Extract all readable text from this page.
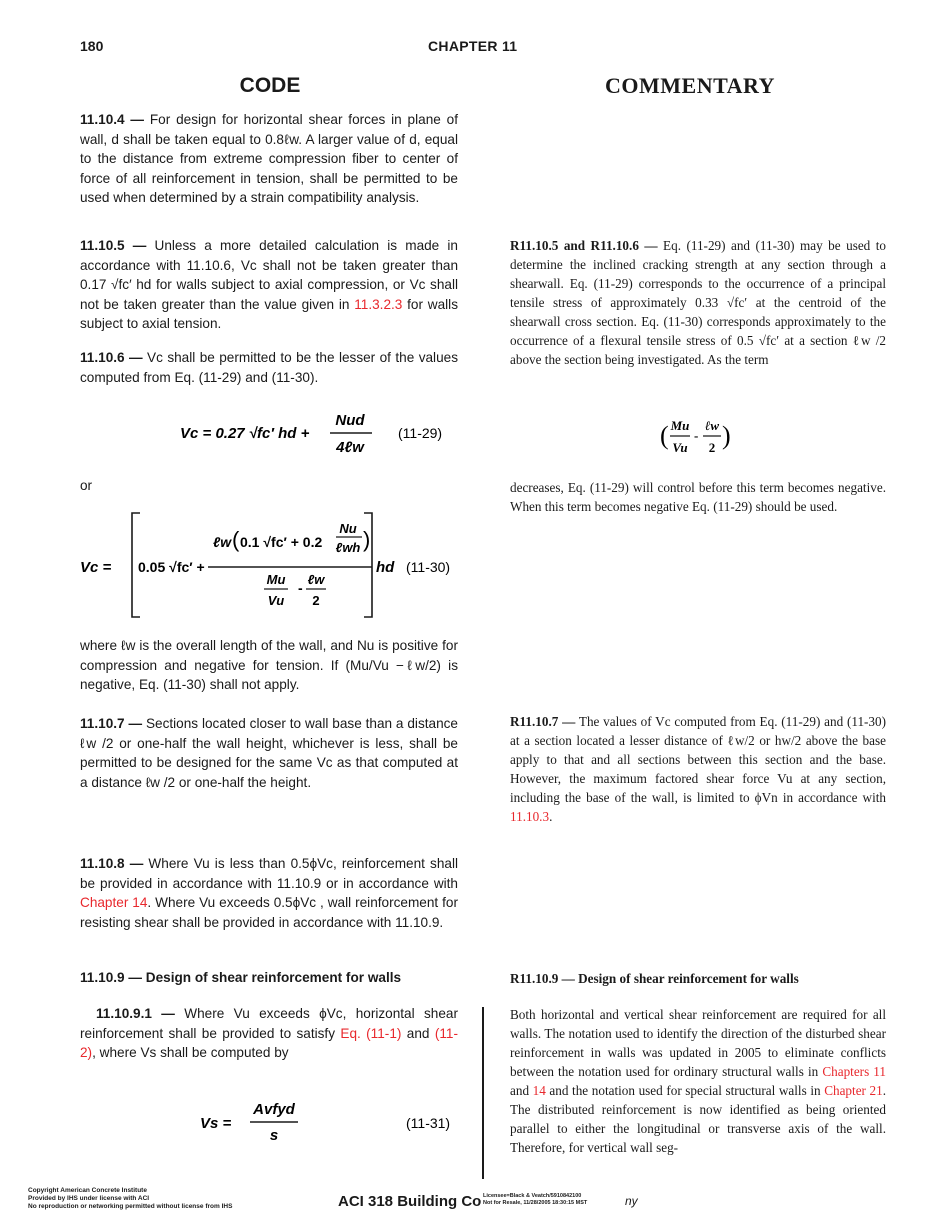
180	CHAPTER 11
CODE	COMMENTARY
11.10.4 — For design for horizontal shear forces in plane of wall, d shall be taken equal to 0.8ℓw. A larger value of d, equal to the distance from extreme compression fiber to center of force of all reinforcement in tension, shall be permitted to be used when determined by a strain compatibility analysis.
11.10.5 — Unless a more detailed calculation is made in accordance with 11.10.6, Vc shall not be taken greater than 0.17 √fc′ hd for walls subject to axial compression, or Vc shall not be taken greater than the value given in 11.3.2.3 for walls subject to axial tension.
11.10.6 — Vc shall be permitted to be the lesser of the values computed from Eq. (11-29) and (11-30).
Vc = 0.27 √fc′ hd +
Nud
4ℓw
(11-29)
or
Vc = 0.05 √fc′ +
ℓw ( 0.1 √fc′ + 0.2
Nu
ℓwh )
Mu
Vu
-
ℓw
2
hd (11-30)
where ℓw is the overall length of the wall, and Nu is positive for compression and negative for tension. If (Mu/Vu −ℓw/2) is negative, Eq. (11-30) shall not apply.
11.10.7 — Sections located closer to wall base than a distance ℓw /2 or one-half the wall height, whichever is less, shall be permitted to be designed for the same Vc as that computed at a distance ℓw /2 or one-half the height.
11.10.8 — Where Vu is less than 0.5ϕVc, reinforcement shall be provided in accordance with 11.10.9 or in accordance with Chapter 14. Where Vu exceeds 0.5ϕVc , wall reinforcement for resisting shear shall be provided in accordance with 11.10.9.
11.10.9 — Design of shear reinforcement for walls
11.10.9.1 — Where Vu exceeds ϕVc, horizontal shear reinforcement shall be provided to satisfy Eq. (11-1) and (11-2), where Vs shall be computed by
Vs =
Avfyd
s
(11-31)
R11.10.5 and R11.10.6 — Eq. (11-29) and (11-30) may be used to determine the inclined cracking strength at any section through a shearwall. Eq. (11-29) corresponds to the occurrence of a principal tensile stress of approximately 0.33 √fc′ at the centroid of the shearwall cross section. Eq. (11-30) corresponds approximately to the occurrence of a flexural tensile stress of 0.5 √fc′ at a section ℓw /2 above the section being investigated. As the term
( Mu
Vu
-
ℓw
2 )
decreases, Eq. (11-29) will control before this term becomes negative. When this term becomes negative Eq. (11-29) should be used.
R11.10.7 — The values of Vc computed from Eq. (11-29) and (11-30) at a section located a lesser distance of ℓw/2 or hw/2 above the base apply to that and all sections between this section and the base. However, the maximum factored shear force Vu at any section, including the base of the wall, is limited to ϕVn in accordance with 11.10.3.
R11.10.9 — Design of shear reinforcement for walls
Both horizontal and vertical shear reinforcement are required for all walls. The notation used to identify the direction of the disturbed shear reinforcement in walls was updated in 2005 to eliminate conflicts between the notation used for ordinary structural walls in Chapters 11 and 14 and the notation used for special structural walls in Chapter 21. The distributed reinforcement is now identified as being oriented parallel to either the longitudinal or transverse axis of the wall. Therefore, for vertical wall seg-
Copyright American Concrete Institute
Provided by IHS under license with ACI
No reproduction or networking permitted without license from IHS	ACI 318 Building Co Licensee=Black & Veatch/5910842100
Not for Resale, 11/28/2005 18:30:15 MST	ny
